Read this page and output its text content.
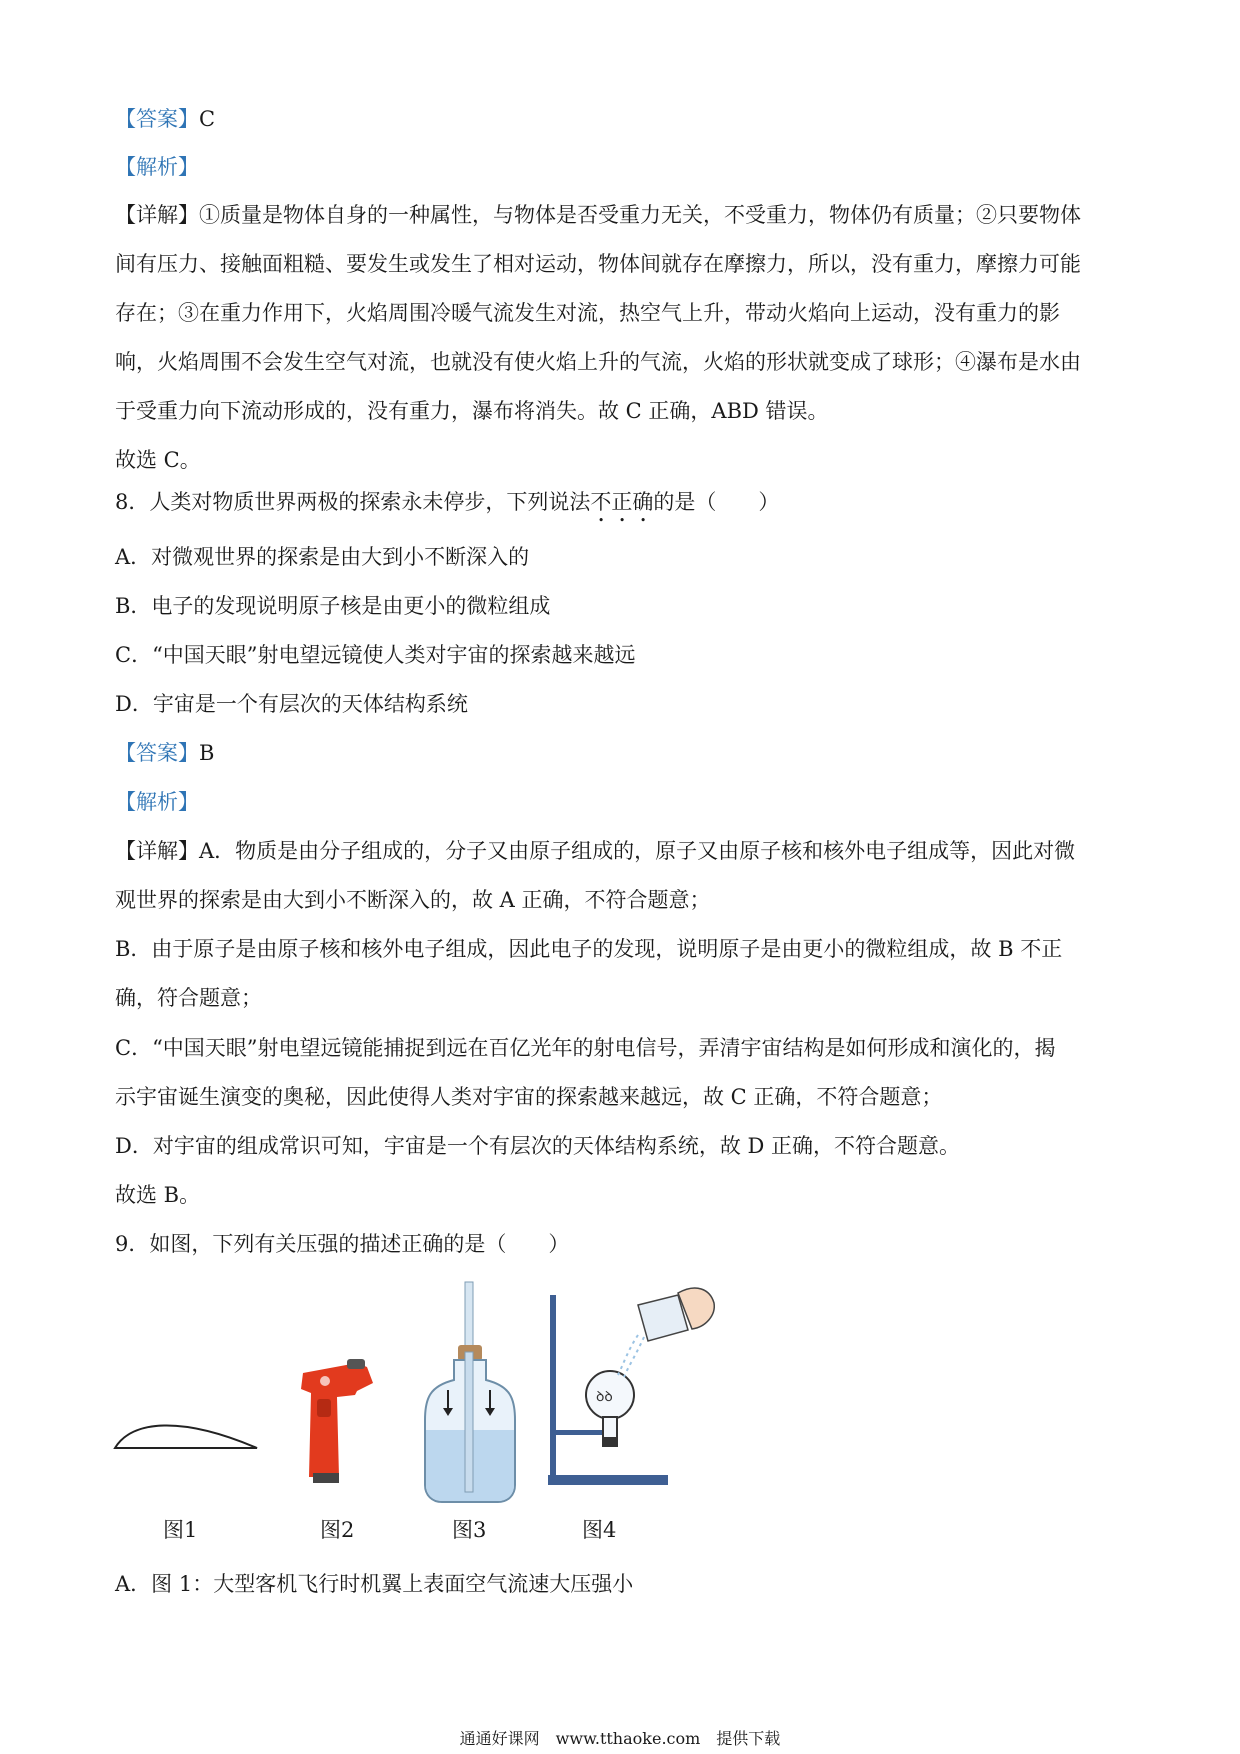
【答案】C
【解析】
【详解】①质量是物体自身的一种属性，与物体是否受重力无关，不受重力，物体仍有质量；②只要物体
间有压力、接触面粗糙、要发生或发生了相对运动，物体间就存在摩擦力，所以，没有重力，摩擦力可能
存在；③在重力作用下，火焰周围冷暖气流发生对流，热空气上升，带动火焰向上运动，没有重力的影
响，火焰周围不会发生空气对流，也就没有使火焰上升的气流，火焰的形状就变成了球形；④瀑布是水由
于受重力向下流动形成的，没有重力，瀑布将消失。故 C 正确，ABD 错误。
故选 C。
8．人类对物质世界两极的探索永未停步，下列说法不正确的是（　　）
A．对微观世界的探索是由大到小不断深入的
B．电子的发现说明原子核是由更小的微粒组成
C．“中国天眼”射电望远镜使人类对宇宙的探索越来越远
D．宇宙是一个有层次的天体结构系统
【答案】B
【解析】
【详解】A．物质是由分子组成的，分子又由原子组成的，原子又由原子核和核外电子组成等，因此对微
观世界的探索是由大到小不断深入的，故 A 正确，不符合题意；
B．由于原子是由原子核和核外电子组成，因此电子的发现，说明原子是由更小的微粒组成，故 B 不正
确，符合题意；
C．“中国天眼”射电望远镜能捕捉到远在百亿光年的射电信号，弄清宇宙结构是如何形成和演化的，揭
示宇宙诞生演变的奥秘，因此使得人类对宇宙的探索越来越远，故 C 正确，不符合题意；
D．对宇宙的组成常识可知，宇宙是一个有层次的天体结构系统，故 D 正确，不符合题意。
故选 B。
9．如图，下列有关压强的描述正确的是（　　）
ꝺꝺ
图1	图2	图3	图4
A．图 1：大型客机飞行时机翼上表面空气流速大压强小
通通好课网　www.tthaoke.com　提供下载
